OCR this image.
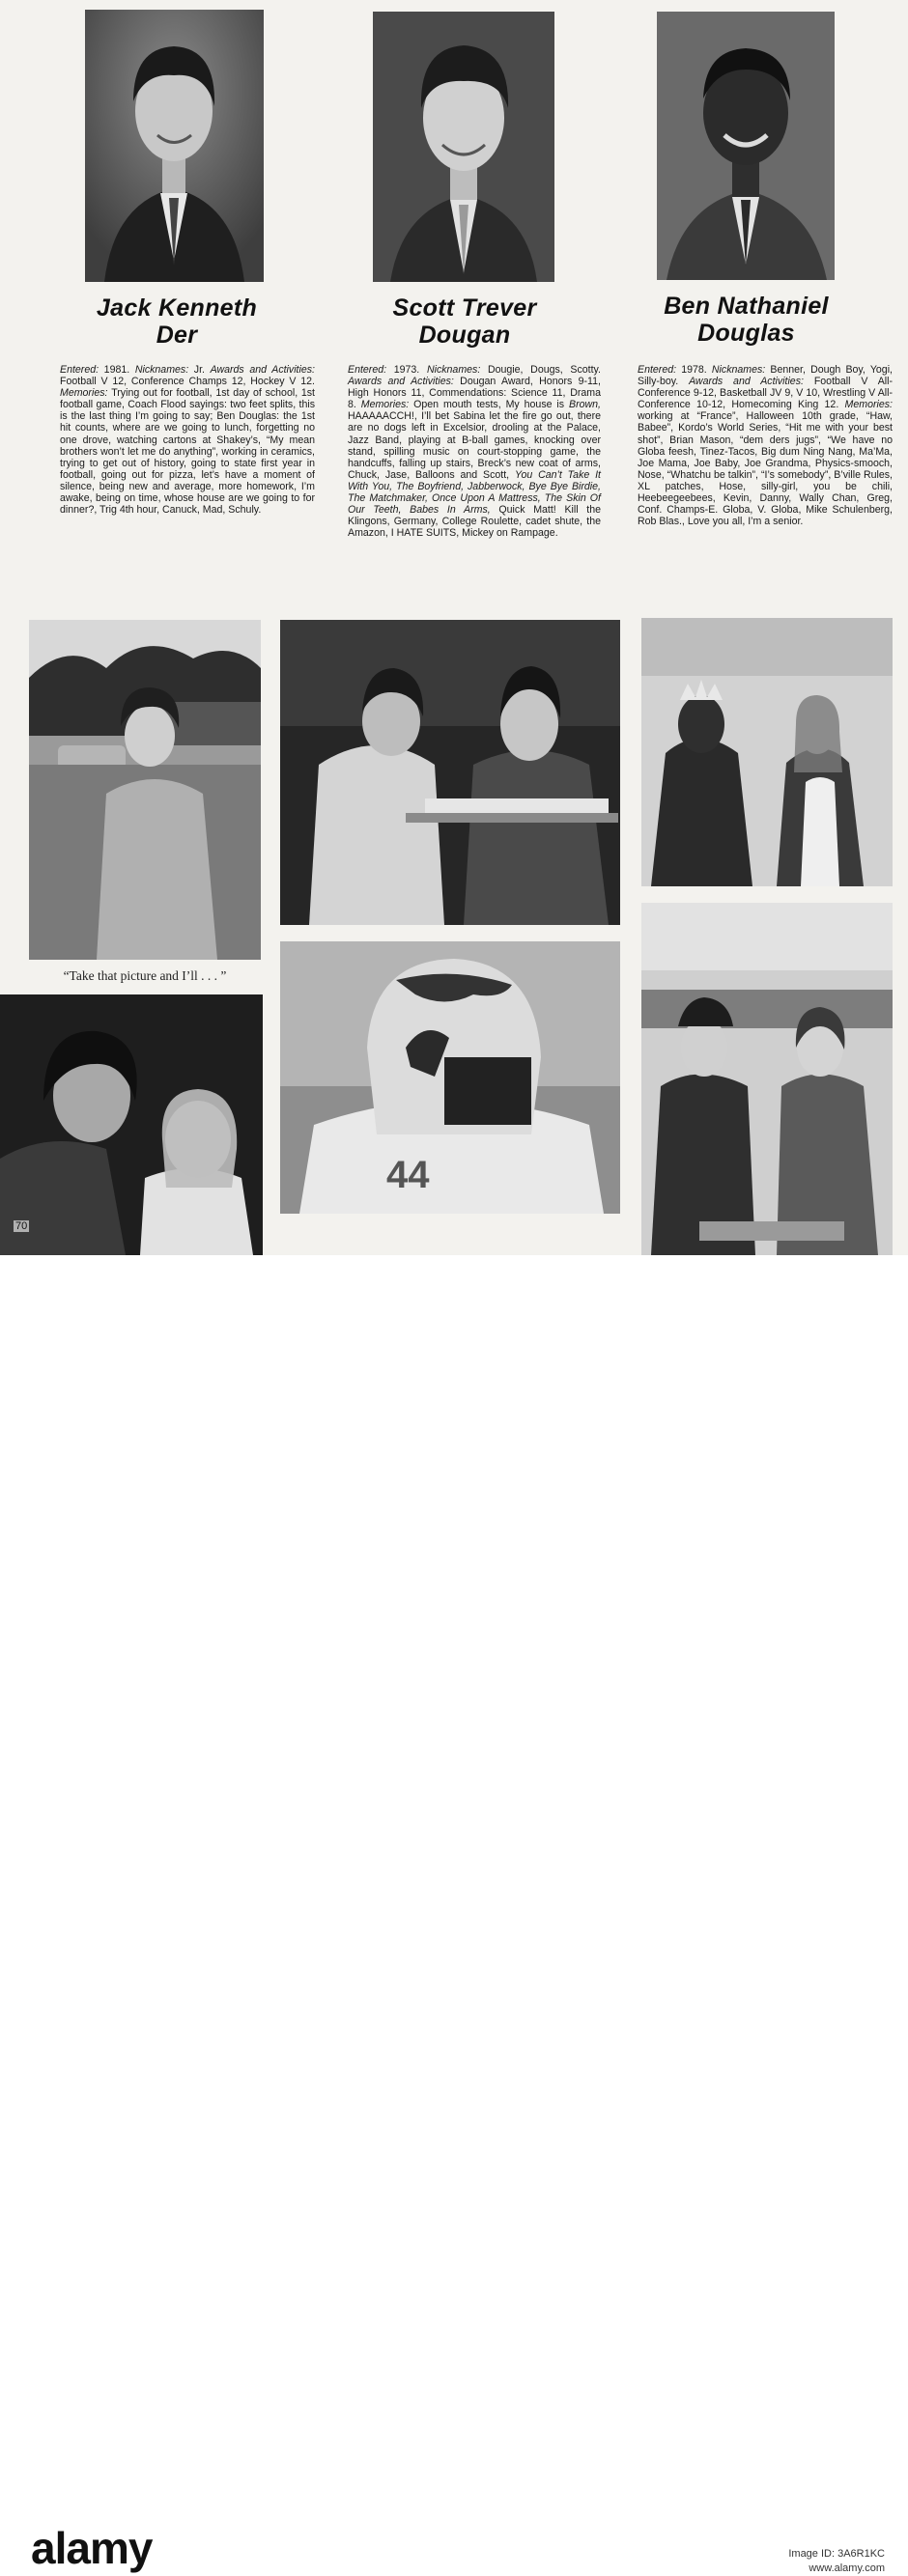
Jack Kenneth
Der
Scott Trever
Dougan
Ben Nathaniel
Douglas
Entered: 1981. Nicknames: Jr. Awards and Activities: Football V 12, Conference Champs 12, Hockey V 12. Memories: Trying out for football, 1st day of school, 1st football game, Coach Flood sayings: two feet splits, this is the last thing I’m going to say; Ben Douglas: the 1st hit counts, where are we going to lunch, forgetting no one drove, watching cartons at Shakey’s, “My mean brothers won’t let me do anything”, working in ceramics, trying to get out of history, going to state first year in football, going out for pizza, let’s have a moment of silence, being new and average, more homework, I’m awake, being on time, whose house are we going to for dinner?, Trig 4th hour, Canuck, Mad, Schuly.
Entered: 1973. Nicknames: Dougie, Dougs, Scotty. Awards and Activities: Dougan Award, Honors 9-11, High Honors 11, Commendations: Science 11, Drama 8. Memories: Open mouth tests, My house is Brown, HAAAAACCH!, I’ll bet Sabina let the fire go out, there are no dogs left in Excelsior, drooling at the Palace, Jazz Band, playing at B-ball games, knocking over stand, spilling music on court-stopping game, the handcuffs, falling up stairs, Breck’s new coat of arms, Chuck, Jase, Balloons and Scott, You Can’t Take It With You, The Boyfriend, Jabberwock, Bye Bye Birdie, The Matchmaker, Once Upon A Mattress, The Skin Of Our Teeth, Babes In Arms, Quick Matt! Kill the Klingons, Germany, College Roulette, cadet shute, the Amazon, I HATE SUITS, Mickey on Rampage.
Entered: 1978. Nicknames: Benner, Dough Boy, Yogi, Silly-boy. Awards and Activities: Football V All-Conference 9-12, Basketball JV 9, V 10, Wrestling V All-Conference 10-12, Homecoming King 12. Memories: working at “France”, Halloween 10th grade, “Haw, Babee”, Kordo’s World Series, “Hit me with your best shot”, Brian Mason, “dem ders jugs”, “We have no Globa feesh, Tinez-Tacos, Big dum Ning Nang, Ma’Ma, Joe Mama, Joe Baby, Joe Grandma, Physics-smooch, Nose, “Whatchu be talkin”, “I’s somebody”, B’ville Rules, XL patches, Hose, silly-girl, you be chili, Heebeegeebees, Kevin, Danny, Wally Chan, Greg, Conf. Champs-E. Globa, V. Globa, Mike Schulenberg, Rob Blas., Love you all, I’m a senior.
44
“Take that picture and I’ll . . . ”
70
alamy	Image ID: 3A6R1KC
www.alamy.com
